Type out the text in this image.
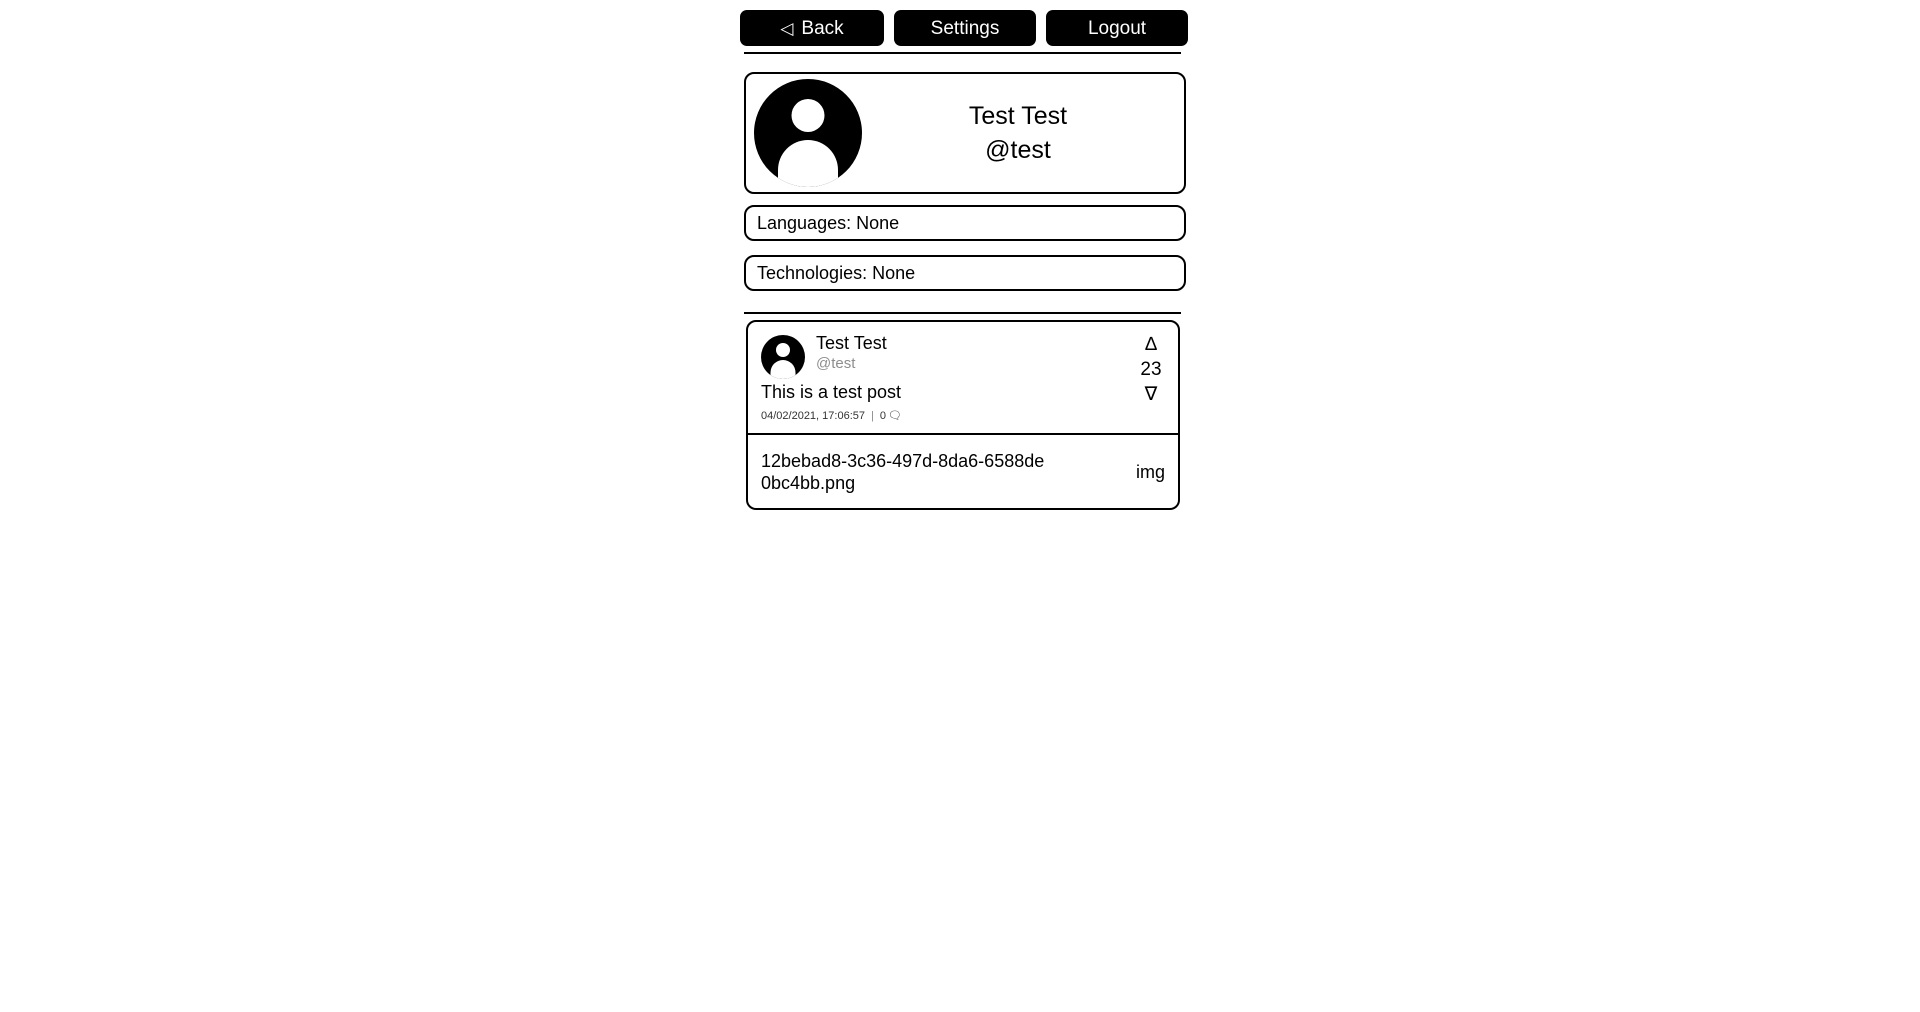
◁ Back	Settings	Logout
Test Test
@test
Languages: None
Technologies: None
Test Test
@test
This is a test post
04/02/2021, 17:06:57 | 0 🗨
∆
23
∇
12bebad8-3c36-497d-8da6-6588de0bc4bb.png
img
